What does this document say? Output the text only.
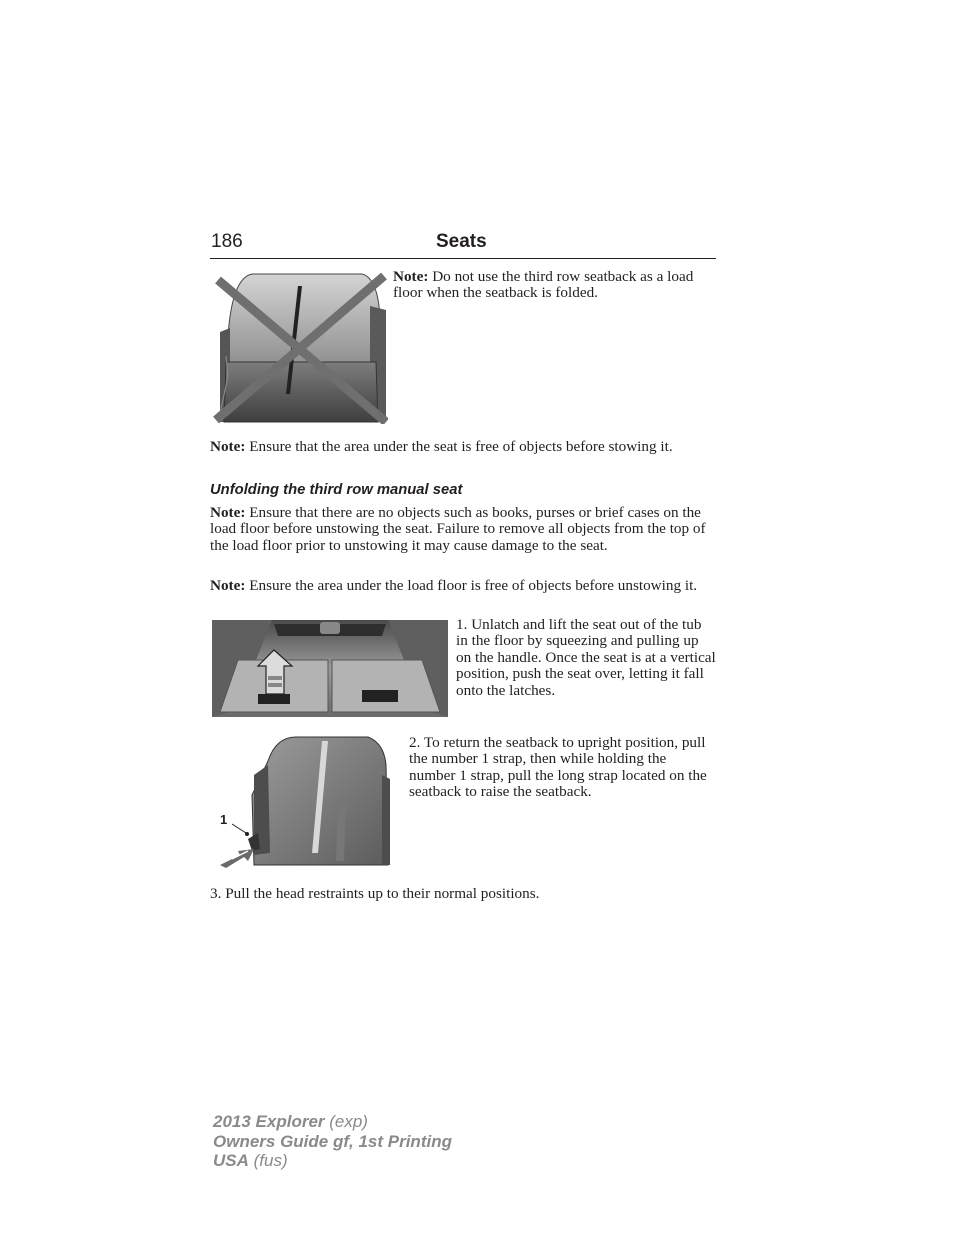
186	Seats

Note: Do not use the third row seatback as a load floor when the seatback is folded.

Note: Ensure that the area under the seat is free of objects before stowing it.

Unfolding the third row manual seat

Note: Ensure that there are no objects such as books, purses or brief cases on the load floor before unstowing the seat. Failure to remove all objects from the top of the load floor prior to unstowing it may cause damage to the seat.

Note: Ensure the area under the load floor is free of objects before unstowing it.

1. Unlatch and lift the seat out of the tub in the floor by squeezing and pulling up on the handle. Once the seat is at a vertical position, push the seat over, letting it fall onto the latches.

1

2. To return the seatback to upright position, pull the number 1 strap, then while holding the number 1 strap, pull the long strap located on the seatback to raise the seatback.

3. Pull the head restraints up to their normal positions.

2013 Explorer (exp)
Owners Guide gf, 1st Printing
USA (fus)
